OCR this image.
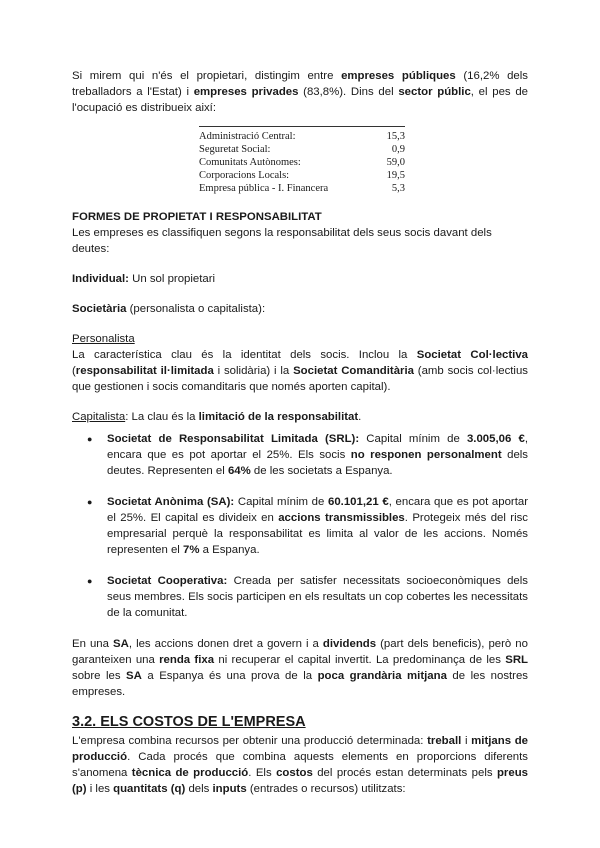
Si mirem qui n'és el propietari, distingim entre empreses públiques (16,2% dels treballadors a l'Estat) i empreses privades (83,8%). Dins del sector públic, el pes de l'ocupació es distribueix així:

Administració Central:	15,3
Seguretat Social:	0,9
Comunitats Autònomes:	59,0
Corporacions Locals:	19,5
Empresa pública - I. Financera	5,3

FORMES DE PROPIETAT I RESPONSABILITAT

Les empreses es classifiquen segons la responsabilitat dels seus socis davant dels deutes:

Individual: Un sol propietari

Societària (personalista o capitalista):

Personalista

La característica clau és la identitat dels socis. Inclou la Societat Col·lectiva (responsabilitat il·limitada i solidària) i la Societat Comanditària (amb socis col·lectius que gestionen i socis comanditaris que només aporten capital).

Capitalista: La clau és la limitació de la responsabilitat.

● Societat de Responsabilitat Limitada (SRL): Capital mínim de 3.005,06 €, encara que es pot aportar el 25%. Els socis no responen personalment dels deutes. Representen el 64% de les societats a Espanya.
● Societat Anònima (SA): Capital mínim de 60.101,21 €, encara que es pot aportar el 25%. El capital es divideix en accions transmissibles. Protegeix més del risc empresarial perquè la responsabilitat es limita al valor de les accions. Només representen el 7% a Espanya.
● Societat Cooperativa: Creada per satisfer necessitats socioeconòmiques dels seus membres. Els socis participen en els resultats un cop cobertes les necessitats de la comunitat.

En una SA, les accions donen dret a govern i a dividends (part dels beneficis), però no garanteixen una renda fixa ni recuperar el capital invertit. La predominança de les SRL sobre les SA a Espanya és una prova de la poca grandària mitjana de les nostres empreses.

3.2. ELS COSTOS DE L'EMPRESA

L'empresa combina recursos per obtenir una producció determinada: treball i mitjans de producció. Cada procés que combina aquests elements en proporcions diferents s'anomena tècnica de producció. Els costos del procés estan determinats pels preus (p) i les quantitats (q) dels inputs (entrades o recursos) utilitzats:
